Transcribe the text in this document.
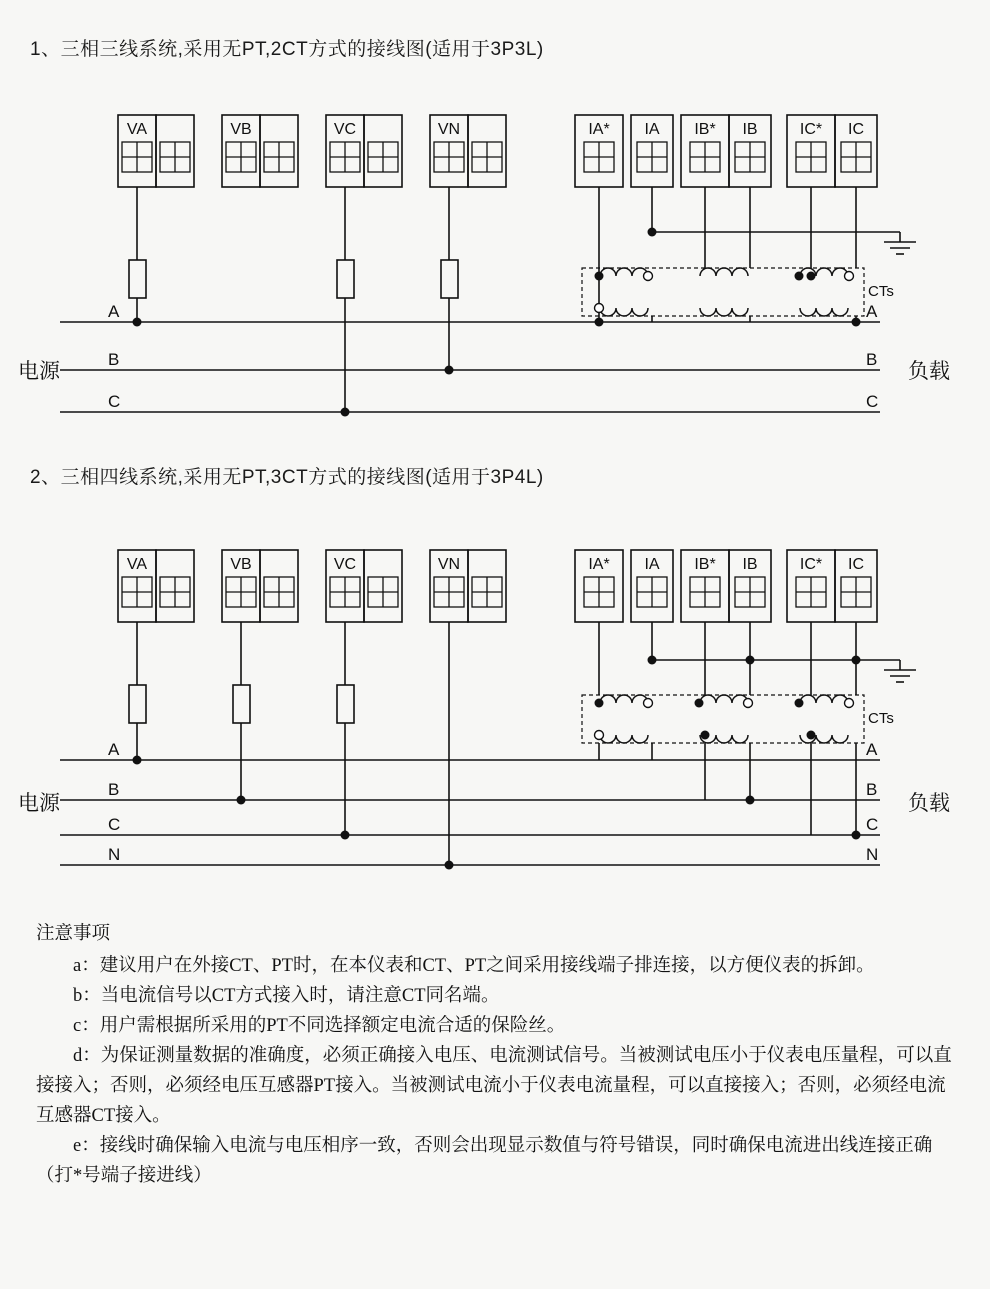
1、三相三线系统,采用无PT,2CT方式的接线图(适用于3P3L)
VA	VB	VC	VN	IA* IA IB* IB	IC* IC
CTs
A
B
C
A
B
C
电源	负载
2、三相四线系统,采用无PT,3CT方式的接线图(适用于3P4L)
VA	VB	VC	VN	IA* IA IB* IB	IC* IC
CTs
A
B
C
N
A
B
C
N
电源	负载
注意事项

a：建议用户在外接CT、PT时，在本仪表和CT、PT之间采用接线端子排连接，以方便仪表的拆卸。

b：当电流信号以CT方式接入时，请注意CT同名端。

c：用户需根据所采用的PT不同选择额定电流合适的保险丝。

d：为保证测量数据的准确度，必须正确接入电压、电流测试信号。当被测试电压小于仪表电压量程，可以直接接入；否则，必须经电压互感器PT接入。当被测试电流小于仪表电流量程，可以直接接入；否则，必须经电流互感器CT接入。

e：接线时确保输入电流与电压相序一致，否则会出现显示数值与符号错误，同时确保电流进出线连接正确 （打*号端子接进线）
